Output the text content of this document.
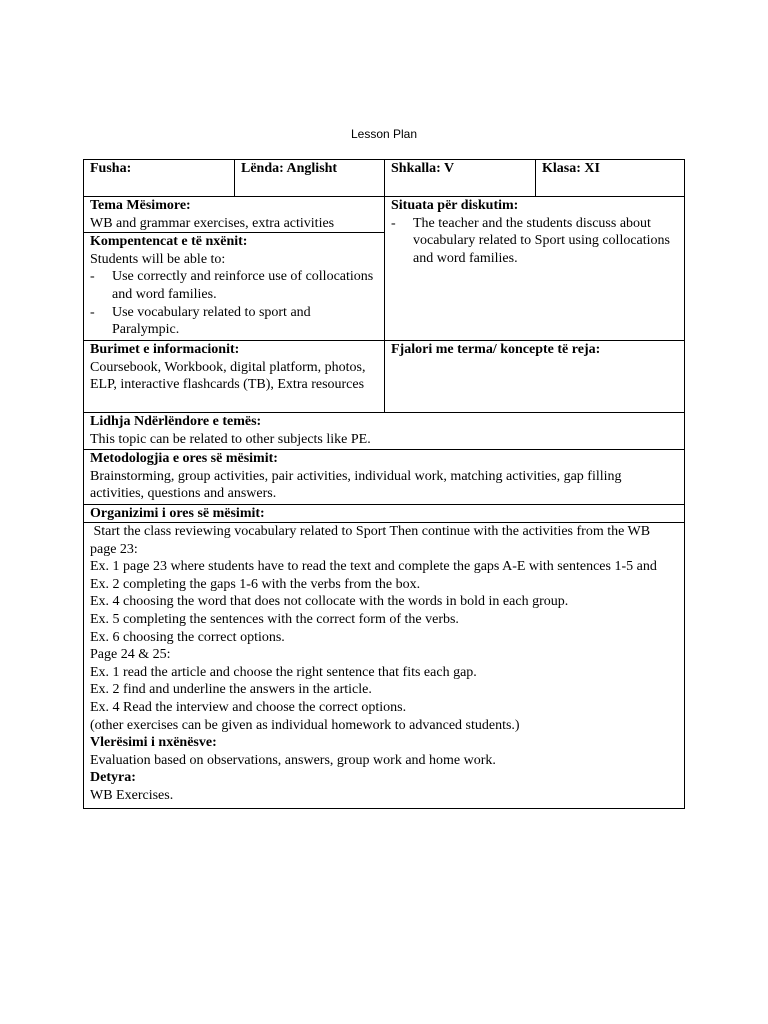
Lesson Plan
Fusha:	Lënda: Anglisht	Shkalla: V	Klasa: XI
Tema Mësimore:
WB and grammar exercises, extra activities
Kompentencat e të nxënit:
Students will be able to:
- Use correctly and reinforce use of collocations and word families.
- Use vocabulary related to sport and Paralympic.
Situata për diskutim:
- The teacher and the students discuss about vocabulary related to Sport using collocations and word families.
Burimet e informacionit:
Coursebook, Workbook, digital platform, photos, ELP, interactive flashcards (TB), Extra resources
Fjalori me terma/ koncepte të reja:
Lidhja Ndërlëndore e temës:
This topic can be related to other subjects like PE.
Metodologjia e ores së mësimit:
Brainstorming, group activities, pair activities, individual work, matching activities, gap filling activities, questions and answers.
Organizimi i ores së mësimit:
Start the class reviewing vocabulary related to Sport Then continue with the activities from the WB page 23:
Ex. 1 page 23 where students have to read the text and complete the gaps A-E with sentences 1-5 and Ex. 2 completing the gaps 1-6 with the verbs from the box.
Ex. 4 choosing the word that does not collocate with the words in bold in each group.
Ex. 5 completing the sentences with the correct form of the verbs.
Ex. 6 choosing the correct options.
Page 24 & 25:
Ex. 1 read the article and choose the right sentence that fits each gap.
Ex. 2 find and underline the answers in the article.
Ex. 4 Read the interview and choose the correct options.
(other exercises can be given as individual homework to advanced students.)
Vlerësimi i nxënësve:
Evaluation based on observations, answers, group work and home work.
Detyra:
WB Exercises.
